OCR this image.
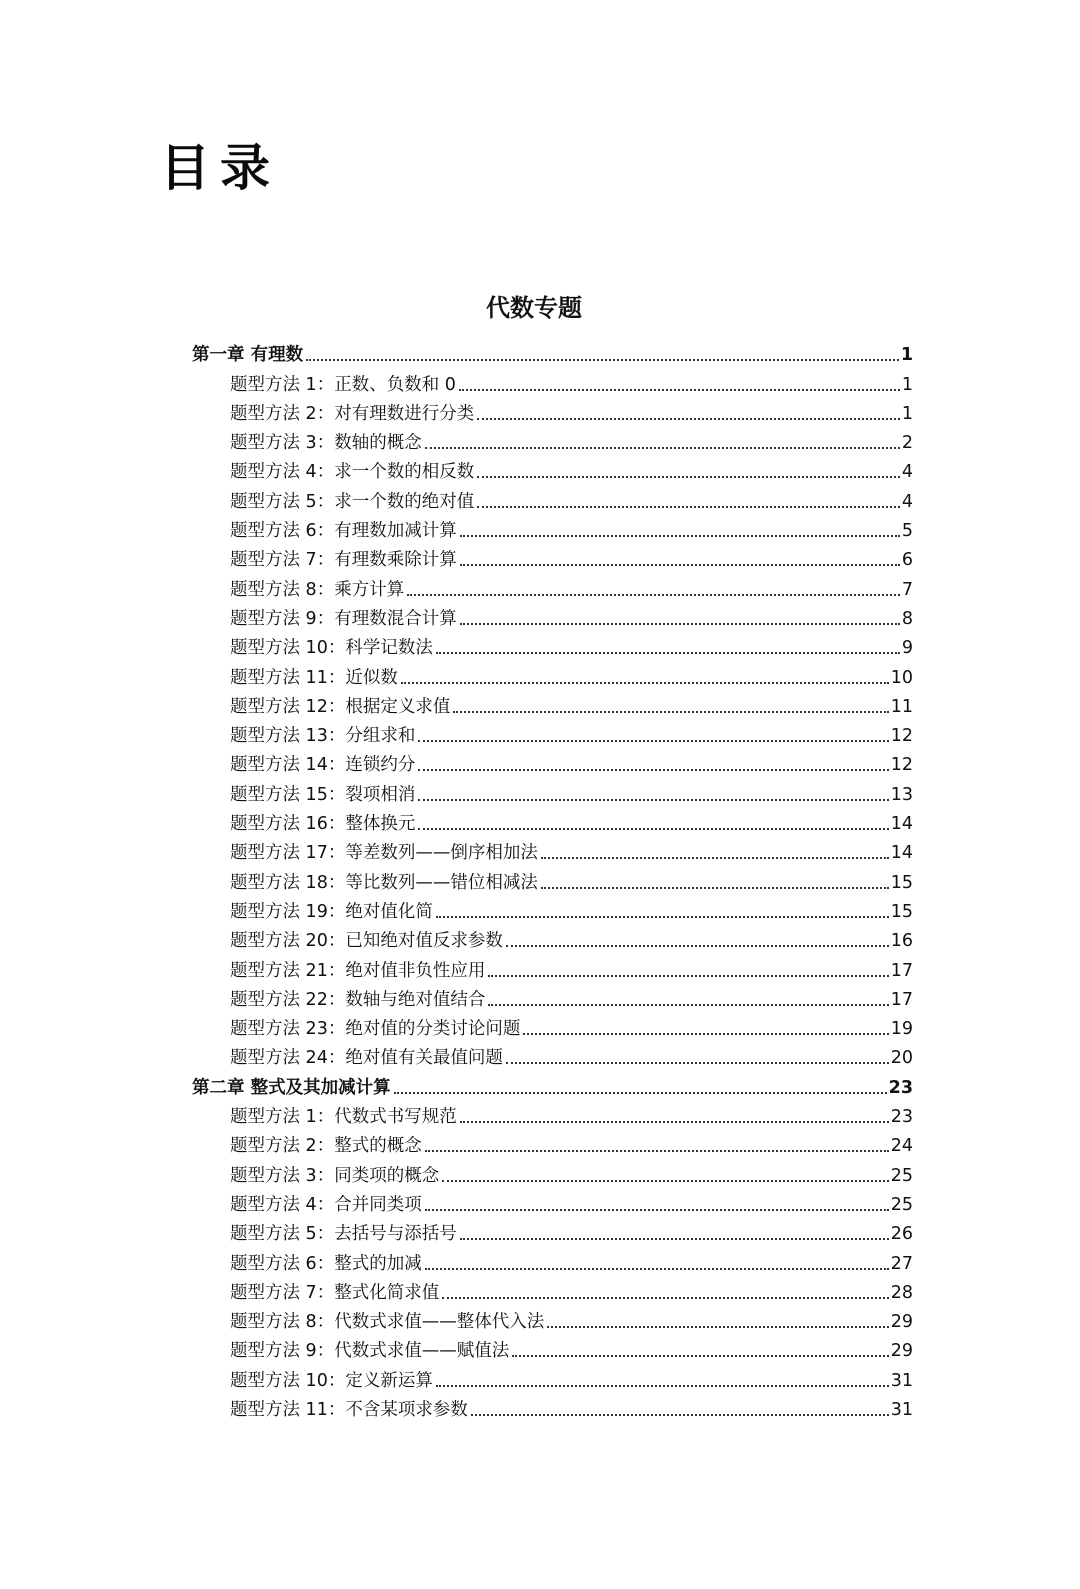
目录
代数专题
第一章 有理数	1
题型方法 1：正数、负数和 0	1
题型方法 2：对有理数进行分类	1
题型方法 3：数轴的概念	2
题型方法 4：求一个数的相反数	4
题型方法 5：求一个数的绝对值	4
题型方法 6：有理数加减计算	5
题型方法 7：有理数乘除计算	6
题型方法 8：乘方计算	7
题型方法 9：有理数混合计算	8
题型方法 10：科学记数法	9
题型方法 11：近似数	10
题型方法 12：根据定义求值	11
题型方法 13：分组求和	12
题型方法 14：连锁约分	12
题型方法 15：裂项相消	13
题型方法 16：整体换元	14
题型方法 17：等差数列——倒序相加法	14
题型方法 18：等比数列——错位相减法	15
题型方法 19：绝对值化简	15
题型方法 20：已知绝对值反求参数	16
题型方法 21：绝对值非负性应用	17
题型方法 22：数轴与绝对值结合	17
题型方法 23：绝对值的分类讨论问题	19
题型方法 24：绝对值有关最值问题	20
第二章 整式及其加减计算	23
题型方法 1：代数式书写规范	23
题型方法 2：整式的概念	24
题型方法 3：同类项的概念	25
题型方法 4：合并同类项	25
题型方法 5：去括号与添括号	26
题型方法 6：整式的加减	27
题型方法 7：整式化简求值	28
题型方法 8：代数式求值——整体代入法	29
题型方法 9：代数式求值——赋值法	29
题型方法 10：定义新运算	31
题型方法 11：不含某项求参数	31
